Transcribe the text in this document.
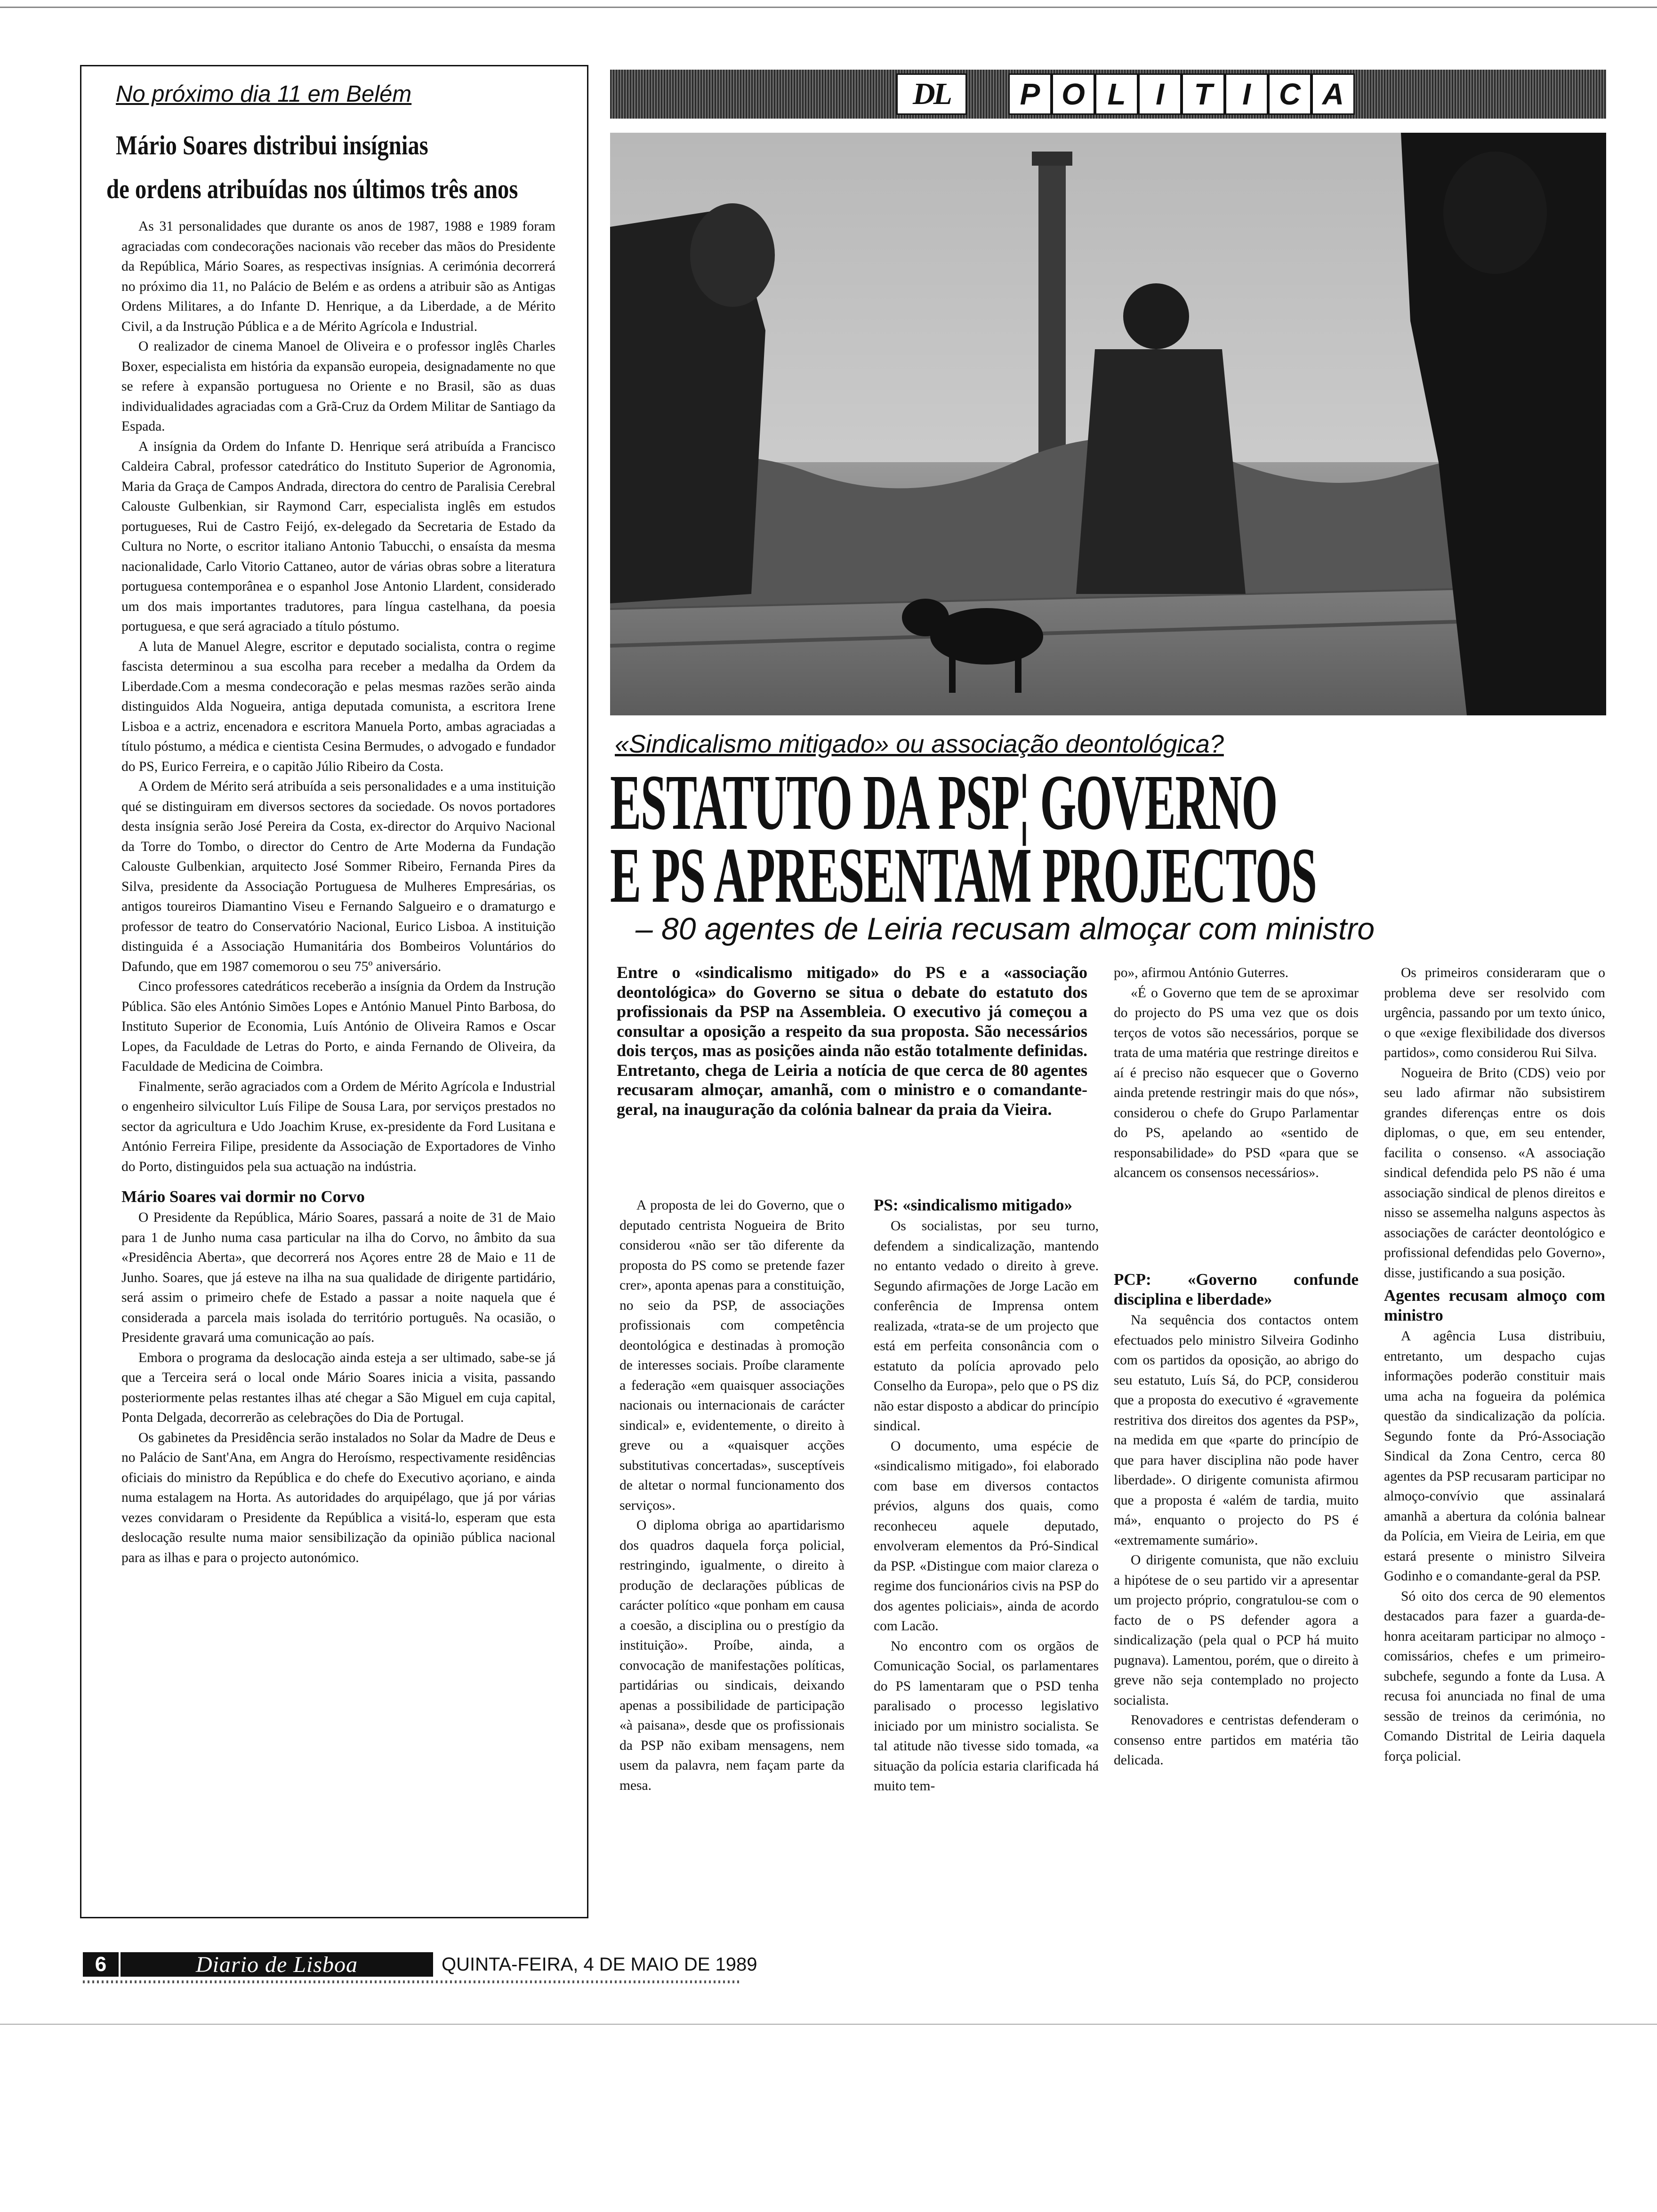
No próximo dia 11 em Belém
Mário Soares distribui insígnias
de ordens atribuídas nos últimos três anos

As 31 personalidades que durante os anos de 1987, 1988 e 1989 foram agraciadas com condecorações nacionais vão receber das mãos do Presidente da República, Mário Soares, as respectivas insígnias. A cerimónia decorrerá no próximo dia 11, no Palácio de Belém e as ordens a atribuir são as Antigas Ordens Militares, a do Infante D. Henrique, a da Liberdade, a de Mérito Civil, a da Instrução Pública e a de Mérito Agrícola e Industrial.

O realizador de cinema Manoel de Oliveira e o professor inglês Charles Boxer, especialista em história da expansão europeia, designadamente no que se refere à expansão portuguesa no Oriente e no Brasil, são as duas individualidades agraciadas com a Grã-Cruz da Ordem Militar de Santiago da Espada.

A insígnia da Ordem do Infante D. Henrique será atribuída a Francisco Caldeira Cabral, professor catedrático do Instituto Superior de Agronomia, Maria da Graça de Campos Andrada, directora do centro de Paralisia Cerebral Calouste Gulbenkian, sir Raymond Carr, especialista inglês em estudos portugueses, Rui de Castro Feijó, ex-delegado da Secretaria de Estado da Cultura no Norte, o escritor italiano Antonio Tabucchi, o ensaísta da mesma nacionalidade, Carlo Vitorio Cattaneo, autor de várias obras sobre a literatura portuguesa contemporânea e o espanhol Jose Antonio Llardent, considerado um dos mais importantes tradutores, para língua castelhana, da poesia portuguesa, e que será agraciado a título póstumo.

A luta de Manuel Alegre, escritor e deputado socialista, contra o regime fascista determinou a sua escolha para receber a medalha da Ordem da Liberdade.Com a mesma condecoração e pelas mesmas razões serão ainda distinguidos Alda Nogueira, antiga deputada comunista, a escritora Irene Lisboa e a actriz, encenadora e escritora Manuela Porto, ambas agraciadas a título póstumo, a médica e cientista Cesina Bermudes, o advogado e fundador do PS, Eurico Ferreira, e o capitão Júlio Ribeiro da Costa.

A Ordem de Mérito será atribuída a seis personalidades e a uma instituição qué se distinguiram em diversos sectores da sociedade. Os novos portadores desta insígnia serão José Pereira da Costa, ex-director do Arquivo Nacional da Torre do Tombo, o director do Centro de Arte Moderna da Fundação Calouste Gulbenkian, arquitecto José Sommer Ribeiro, Fernanda Pires da Silva, presidente da Associação Portuguesa de Mulheres Empresárias, os antigos toureiros Diamantino Viseu e Fernando Salgueiro e o dramaturgo e professor de teatro do Conservatório Nacional, Eurico Lisboa. A instituição distinguida é a Associação Humanitária dos Bombeiros Voluntários do Dafundo, que em 1987 comemorou o seu 75º aniversário.

Cinco professores catedráticos receberão a insígnia da Ordem da Instrução Pública. São eles António Simões Lopes e António Manuel Pinto Barbosa, do Instituto Superior de Economia, Luís António de Oliveira Ramos e Oscar Lopes, da Faculdade de Letras do Porto, e ainda Fernando de Oliveira, da Faculdade de Medicina de Coimbra.

Finalmente, serão agraciados com a Ordem de Mérito Agrícola e Industrial o engenheiro silvicultor Luís Filipe de Sousa Lara, por serviços prestados no sector da agricultura e Udo Joachim Kruse, ex-presidente da Ford Lusitana e António Ferreira Filipe, presidente da Associação de Exportadores de Vinho do Porto, distinguidos pela sua actuação na indústria.

Mário Soares vai dormir no Corvo

O Presidente da República, Mário Soares, passará a noite de 31 de Maio para 1 de Junho numa casa particular na ilha do Corvo, no âmbito da sua «Presidência Aberta», que decorrerá nos Açores entre 28 de Maio e 11 de Junho. Soares, que já esteve na ilha na sua qualidade de dirigente partidário, será assim o primeiro chefe de Estado a passar a noite naquela que é considerada a parcela mais isolada do território português. Na ocasião, o Presidente gravará uma comunicação ao país.

Embora o programa da deslocação ainda esteja a ser ultimado, sabe-se já que a Terceira será o local onde Mário Soares inicia a visita, passando posteriormente pelas restantes ilhas até chegar a São Miguel em cuja capital, Ponta Delgada, decorrerão as celebrações do Dia de Portugal.

Os gabinetes da Presidência serão instalados no Solar da Madre de Deus e no Palácio de Sant'Ana, em Angra do Heroísmo, respectivamente residências oficiais do ministro da República e do chefe do Executivo açoriano, e ainda numa estalagem na Horta. As autoridades do arquipélago, que já por várias vezes convidaram o Presidente da República a visitá-lo, esperam que esta deslocação resulte numa maior sensibilização da opinião pública nacional para as ilhas e para o projecto autonómico.

DL	P O L I T I C A
«Sindicalismo mitigado» ou associação deontológica?
ESTATUTO DA PSP¦ GOVERNO
E PS APRESENTAM PROJECTOS
– 80 agentes de Leiria recusam almoçar com ministro
Entre o «sindicalismo mitigado» do PS e a «associação deontológica» do Governo se situa o debate do estatuto dos profissionais da PSP na Assembleia. O executivo já começou a consultar a oposição a respeito da sua proposta. São necessários dois terços, mas as posições ainda não estão totalmente definidas. Entretanto, chega de Leiria a notícia de que cerca de 80 agentes recusaram almoçar, amanhã, com o ministro e o comandante-geral, na inauguração da colónia balnear da praia da Vieira.

po», afirmou António Guterres.

«É o Governo que tem de se aproximar do projecto do PS uma vez que os dois terços de votos são necessários, porque se trata de uma matéria que restringe direitos e aí é preciso não esquecer que o Governo ainda pretende restringir mais do que nós», considerou o chefe do Grupo Parlamentar do PS, apelando ao «sentido de responsabilidade» do PSD «para que se alcancem os consensos necessários».

Os primeiros consideraram que o problema deve ser resolvido com urgência, passando por um texto único, o que «exige flexibilidade dos diversos partidos», como considerou Rui Silva.

Nogueira de Brito (CDS) veio por seu lado afirmar não subsistirem grandes diferenças entre os dois diplomas, o que, em seu entender, facilita o consenso. «A associação sindical defendida pelo PS não é uma associação sindical de plenos direitos e nisso se assemelha nalguns aspectos às associações de carácter deontológico e profissional defendidas pelo Governo», disse, justificando a sua posição.

Agentes recusam almoço com ministro

A agência Lusa distribuiu, entretanto, um despacho cujas informações poderão constituir mais uma acha na fogueira da polémica questão da sindicalização da polícia. Segundo fonte da Pró-Associação Sindical da Zona Centro, cerca 80 agentes da PSP recusaram participar no almoço-convívio que assinalará amanhã a abertura da colónia balnear da Polícia, em Vieira de Leiria, em que estará presente o ministro Silveira Godinho e o comandante-geral da PSP.

Só oito dos cerca de 90 elementos destacados para fazer a guarda-de-honra aceitaram participar no almoço - comissários, chefes e um primeiro-subchefe, segundo a fonte da Lusa. A recusa foi anunciada no final de uma sessão de treinos da cerimónia, no Comando Distrital de Leiria daquela força policial.

A proposta de lei do Governo, que o deputado centrista Nogueira de Brito considerou «não ser tão diferente da proposta do PS como se pretende fazer crer», aponta apenas para a constituição, no seio da PSP, de associações profissionais com competência deontológica e destinadas à promoção de interesses sociais. Proíbe claramente a federação «em quaisquer associações nacionais ou internacionais de carácter sindical» e, evidentemente, o direito à greve ou a «quaisquer acções substitutivas concertadas», susceptíveis de altetar o normal funcionamento dos serviços».

O diploma obriga ao apartidarismo dos quadros daquela força policial, restringindo, igualmente, o direito à produção de declarações públicas de carácter político «que ponham em causa a coesão, a disciplina ou o prestígio da instituição». Proíbe, ainda, a convocação de manifestações políticas, partidárias ou sindicais, deixando apenas a possibilidade de participação «à paisana», desde que os profissionais da PSP não exibam mensagens, nem usem da palavra, nem façam parte da mesa.

PS: «sindicalismo mitigado»

Os socialistas, por seu turno, defendem a sindicalização, mantendo no entanto vedado o direito à greve. Segundo afirmações de Jorge Lacão em conferência de Imprensa ontem realizada, «trata-se de um projecto que está em perfeita consonância com o estatuto da polícia aprovado pelo Conselho da Europa», pelo que o PS diz não estar disposto a abdicar do princípio sindical.

O documento, uma espécie de «sindicalismo mitigado», foi elaborado com base em diversos contactos prévios, alguns dos quais, como reconheceu aquele deputado, envolveram elementos da Pró-Sindical da PSP. «Distingue com maior clareza o regime dos funcionários civis na PSP do dos agentes policiais», ainda de acordo com Lacão.

No encontro com os orgãos de Comunicação Social, os parlamentares do PS lamentaram que o PSD tenha paralisado o processo legislativo iniciado por um ministro socialista. Se tal atitude não tivesse sido tomada, «a situação da polícia estaria clarificada há muito tem-

PCP: «Governo confunde disciplina e liberdade»

Na sequência dos contactos ontem efectuados pelo ministro Silveira Godinho com os partidos da oposição, ao abrigo do seu estatuto, Luís Sá, do PCP, considerou que a proposta do executivo é «gravemente restritiva dos direitos dos agentes da PSP», na medida em que «parte do princípio de que para haver disciplina não pode haver liberdade». O dirigente comunista afirmou que a proposta é «além de tardia, muito má», enquanto o projecto do PS é «extremamente sumário».

O dirigente comunista, que não excluiu a hipótese de o seu partido vir a apresentar um projecto próprio, congratulou-se com o facto de o PS defender agora a sindicalização (pela qual o PCP há muito pugnava). Lamentou, porém, que o direito à greve não seja contemplado no projecto socialista.

Renovadores e centristas defenderam o consenso entre partidos em matéria tão delicada.

6	Diario de Lisboa	QUINTA-FEIRA, 4 DE MAIO DE 1989
